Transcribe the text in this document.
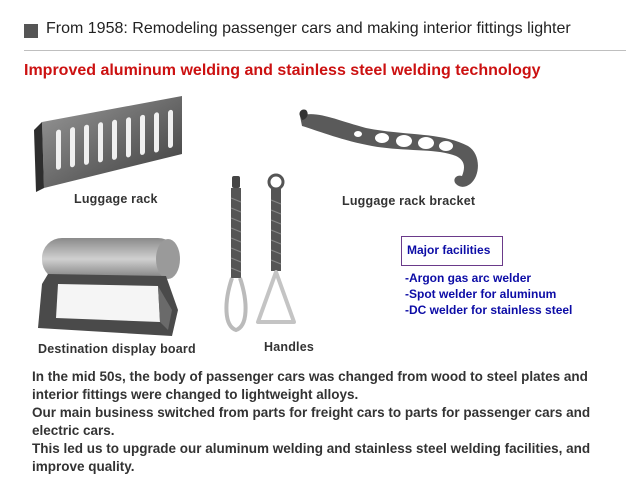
From 1958: Remodeling passenger cars and making interior fittings lighter
Improved aluminum welding and stainless steel welding technology
Luggage rack	Luggage rack bracket
Handles
Destination display board
Major facilities
-Argon gas arc welder
-Spot welder for aluminum
-DC welder for stainless steel

In the mid 50s, the body of passenger cars was changed from wood to steel plates and interior fittings were changed to lightweight alloys.

Our main business switched from parts for freight cars to parts for passenger cars and electric cars.

This led us to upgrade our aluminum welding and stainless steel welding facilities, and improve quality.
